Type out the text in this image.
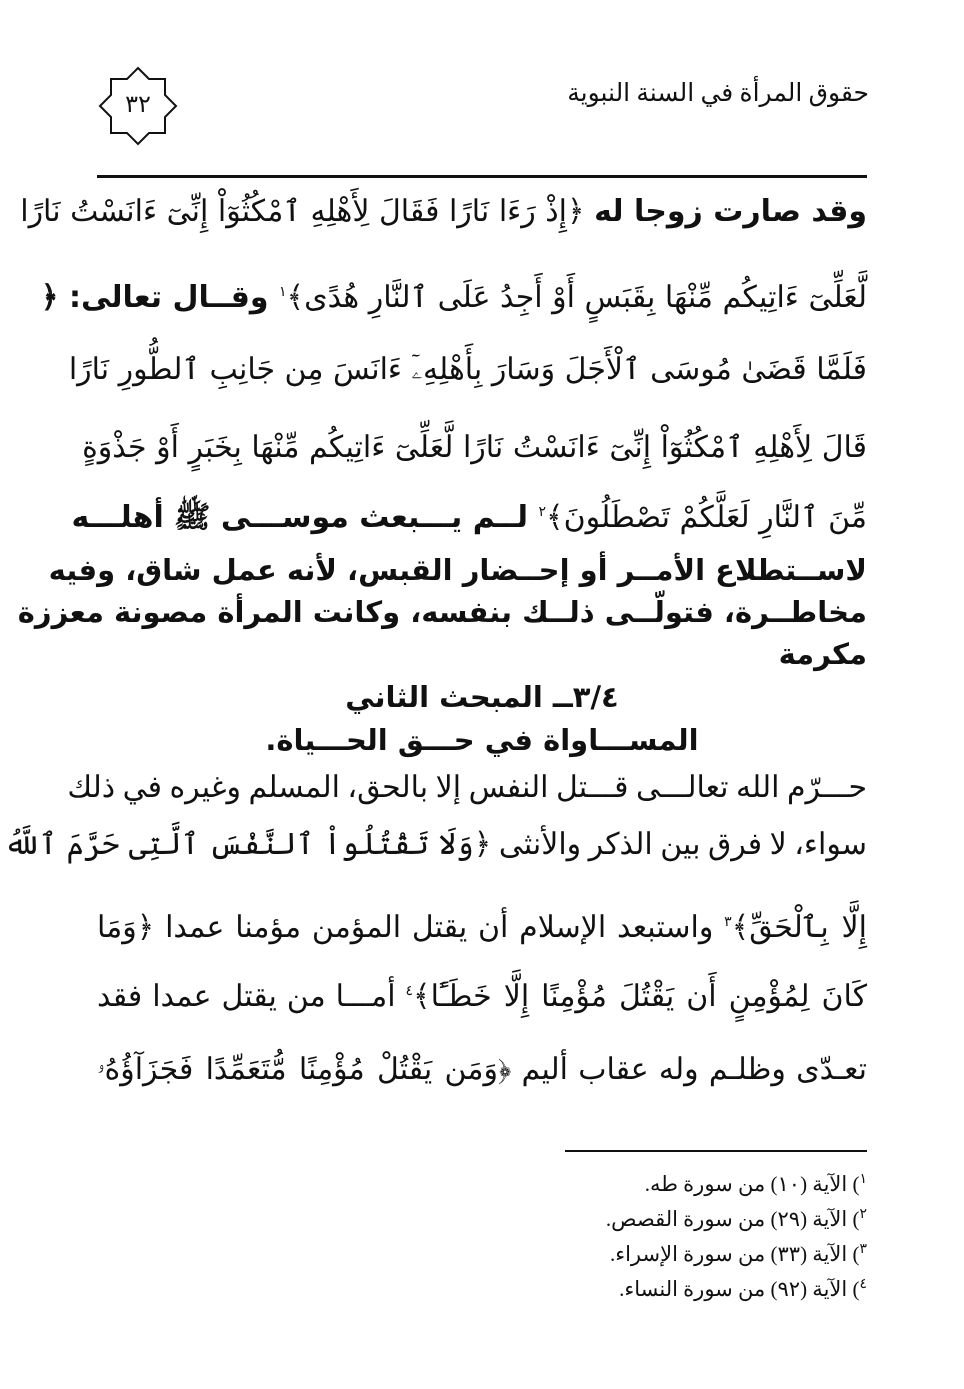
حقوق المرأة في السنة النبوية
٣٢
وقد صارت زوجا له ﴿إِذْ رَءَا نَارًا فَقَالَ لِأَهْلِهِ ٱمْكُثُوٓاْ إِنِّىٓ ءَانَسْتُ نَارًا
لَّعَلِّىٓ ءَاتِيكُم مِّنْهَا بِقَبَسٍ أَوْ أَجِدُ عَلَى ٱلنَّارِ هُدًى﴾$^١$ وقــال تعالى: ﴿
فَلَمَّا قَضَىٰ مُوسَى ٱلْأَجَلَ وَسَارَ بِأَهْلِهِۦٓ ءَانَسَ مِن جَانِبِ ٱلطُّورِ نَارًا
قَالَ لِأَهْلِهِ ٱمْكُثُوٓاْ إِنِّىٓ ءَانَسْتُ نَارًا لَّعَلِّىٓ ءَاتِيكُم مِّنْهَا بِخَبَرٍ أَوْ جَذْوَةٍ
مِّنَ ٱلنَّارِ لَعَلَّكُمْ تَصْطَلُونَ﴾$^٢$ لــم يـــبعث موســـى ﷺ أهلـــه
لاســتطلاع الأمــر أو إحــضار القبس، لأنه عمل شاق، وفيه
مخاطــرة، فتولّــى ذلــك بنفسه، وكانت المرأة مصونة معززة
مكرمة
٣/٤ــ المبحث الثاني
المســـاواة في حـــق الحـــياة.
حـــرّم الله تعالـــى قـــتل النفس إلا بالحق، المسلم وغيره في ذلك
سواء، لا فرق بين الذكر والأنثى ﴿وَلَا تَقْتُلُواْ ٱلنَّفْسَ ٱلَّتِى حَرَّمَ ٱللَّهُ
إِلَّا بِٱلْحَقِّ﴾$^٣$ واستبعد الإسلام أن يقتل المؤمن مؤمنا عمدا ﴿وَمَا
كَانَ لِمُؤْمِنٍ أَن يَقْتُلَ مُؤْمِنًا إِلَّا خَطَـًٔا﴾$^٤$ أمـــا من يقتل عمدا فقد
تعـدّى وظلـم وله عقاب أليم ﴿وَمَن يَقْتُلْ مُؤْمِنًا مُّتَعَمِّدًا فَجَزَآؤُهُۥ
$^١$) الآية (١٠) من سورة طه.
$^٢$) الآية (٢٩) من سورة القصص.
$^٣$) الآية (٣٣) من سورة الإسراء.
$^٤$) الآية (٩٢) من سورة النساء.
